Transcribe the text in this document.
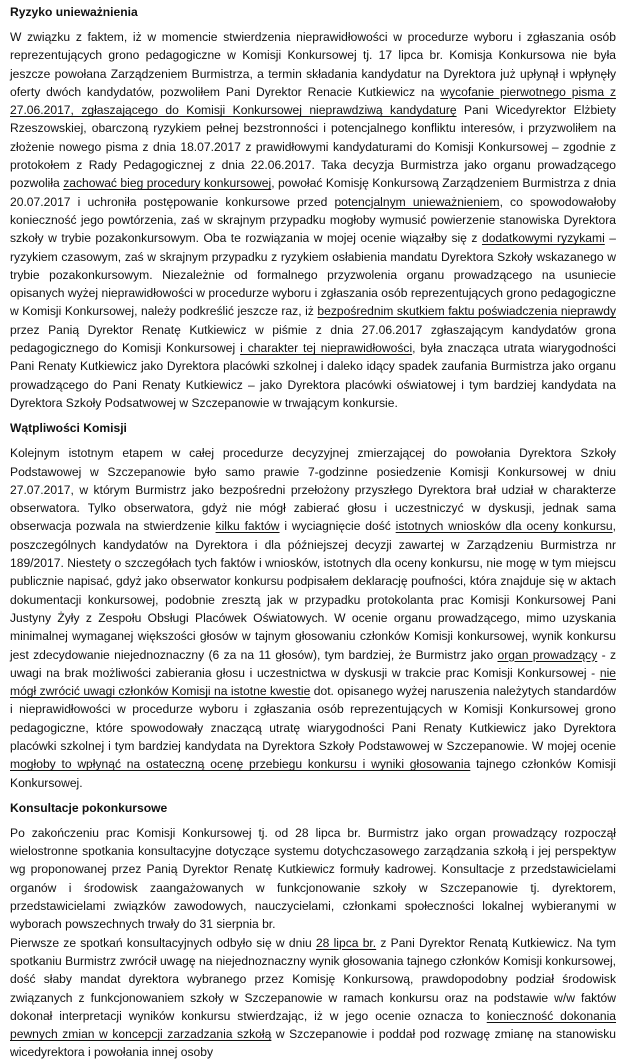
Ryzyko unieważnienia

W związku z faktem, iż w momencie stwierdzenia nieprawidłowości w procedurze wyboru i zgłaszania osób reprezentujących grono pedagogiczne w Komisji Konkursowej tj. 17 lipca br. Komisja Konkursowa nie była jeszcze powołana Zarządzeniem Burmistrza, a termin składania kandydatur na Dyrektora już upłynął i wpłynęły oferty dwóch kandydatów, pozwoliłem Pani Dyrektor Renacie Kutkiewicz na wycofanie pierwotnego pisma z 27.06.2017, zgłaszającego do Komisji Konkursowej nieprawdziwą kandydaturę Pani Wicedyrektor Elżbiety Rzeszowskiej, obarczoną ryzykiem pełnej bezstronności i potencjalnego konfliktu interesów, i przyzwoliłem na złożenie nowego pisma z dnia 18.07.2017 z prawidłowymi kandydaturami do Komisji Konkursowej – zgodnie z protokołem z Rady Pedagogicznej z dnia 22.06.2017. Taka decyzja Burmistrza jako organu prowadzącego pozwoliła zachować bieg procedury konkursowej, powołać Komisję Konkursową Zarządzeniem Burmistrza z dnia 20.07.2017 i uchroniła postępowanie konkursowe przed potencjalnym unieważnieniem, co spowodowałoby konieczność jego powtórzenia, zaś w skrajnym przypadku mogłoby wymusić powierzenie stanowiska Dyrektora szkoły w trybie pozakonkursowym. Oba te rozwiązania w mojej ocenie wiązałby się z dodatkowymi ryzykami – ryzykiem czasowym, zaś w skrajnym przypadku z ryzykiem osłabienia mandatu Dyrektora Szkoły wskazanego w trybie pozakonkursowym. Niezależnie od formalnego przyzwolenia organu prowadzącego na usuniecie opisanych wyżej nieprawidłowości w procedurze wyboru i zgłaszania osób reprezentujących grono pedagogiczne w Komisji Konkursowej, należy podkreślić jeszcze raz, iż bezpośrednim skutkiem faktu poświadczenia nieprawdy przez Panią Dyrektor Renatę Kutkiewicz w piśmie z dnia 27.06.2017 zgłaszającym kandydatów grona pedagogicznego do Komisji Konkursowej i charakter tej nieprawidłowości, była znacząca utrata wiarygodności Pani Renaty Kutkiewicz jako Dyrektora placówki szkolnej i daleko idący spadek zaufania Burmistrza jako organu prowadzącego do Pani Renaty Kutkiewicz – jako Dyrektora placówki oświatowej i tym bardziej kandydata na Dyrektora Szkoły Podsatwowej w Szczepanowie w trwającym konkursie.

Wątpliwości Komisji

Kolejnym istotnym etapem w całej procedurze decyzyjnej zmierzającej do powołania Dyrektora Szkoły Podstawowej w Szczepanowie było samo prawie 7-godzinne posiedzenie Komisji Konkursowej w dniu 27.07.2017, w którym Burmistrz jako bezpośredni przełożony przyszłego Dyrektora brał udział w charakterze obserwatora. Tylko obserwatora, gdyż nie mógł zabierać głosu i uczestniczyć w dyskusji, jednak sama obserwacja pozwala na stwierdzenie kilku faktów i wyciagnięcie dość istotnych wniosków dla oceny konkursu, poszczególnych kandydatów na Dyrektora i dla późniejszej decyzji zawartej w Zarządzeniu Burmistrza nr 189/2017. Niestety o szczegółach tych faktów i wniosków, istotnych dla oceny konkursu, nie mogę w tym miejscu publicznie napisać, gdyż jako obserwator konkursu podpisałem deklarację poufności, która znajduje się w aktach dokumentacji konkursowej, podobnie zresztą jak w przypadku protokolanta prac Komisji Konkursowej Pani Justyny Żyły z Zespołu Obsługi Placówek Oświatowych. W ocenie organu prowadzącego, mimo uzyskania minimalnej wymaganej większości głosów w tajnym głosowaniu członków Komisji konkursowej, wynik konkursu jest zdecydowanie niejednoznaczny (6 za na 11 głosów), tym bardziej, że Burmistrz jako organ prowadzący - z uwagi na brak możliwości zabierania głosu i uczestnictwa w dyskusji w trakcie prac Komisji Konkursowej - nie mógł zwrócić uwagi członków Komisji na istotne kwestie dot. opisanego wyżej naruszenia należytych standardów i nieprawidłowości w procedurze wyboru i zgłaszania osób reprezentujących w Komisji Konkursowej grono pedagogiczne, które spowodowały znaczącą utratę wiarygodności Pani Renaty Kutkiewicz jako Dyrektora placówki szkolnej i tym bardziej kandydata na Dyrektora Szkoły Podstawowej w Szczepanowie. W mojej ocenie mogłoby to wpłynąć na ostateczną ocenę przebiegu konkursu i wyniki głosowania tajnego członków Komisji Konkursowej.

Konsultacje pokonkursowe

Po zakończeniu prac Komisji Konkursowej tj. od 28 lipca br. Burmistrz jako organ prowadzący rozpoczął wielostronne spotkania konsultacyjne dotyczące systemu dotychczasowego zarządzania szkołą i jej perspektyw wg proponowanej przez Panią Dyrektor Renatę Kutkiewicz formuły kadrowej. Konsultacje z przedstawicielami organów i środowisk zaangażowanych w funkcjonowanie szkoły w Szczepanowie tj. dyrektorem, przedstawicielami związków zawodowych, nauczycielami, członkami społeczności lokalnej wybieranymi w wyborach powszechnych trwały do 31 sierpnia br.

Pierwsze ze spotkań konsultacyjnych odbyło się w dniu 28 lipca br. z Pani Dyrektor Renatą Kutkiewicz. Na tym spotkaniu Burmistrz zwrócił uwagę na niejednoznaczny wynik głosowania tajnego członków Komisji konkursowej, dość słaby mandat dyrektora wybranego przez Komisję Konkursową, prawdopodobny podział środowisk związanych z funkcjonowaniem szkoły w Szczepanowie w ramach konkursu oraz na podstawie w/w faktów dokonał interpretacji wyników konkursu stwierdzając, iż w jego ocenie oznacza to konieczność dokonania pewnych zmian w koncepcji zarzadzania szkołą w Szczepanowie i poddał pod rozwagę zmianę na stanowisku wicedyrektora i powołania innej osoby
